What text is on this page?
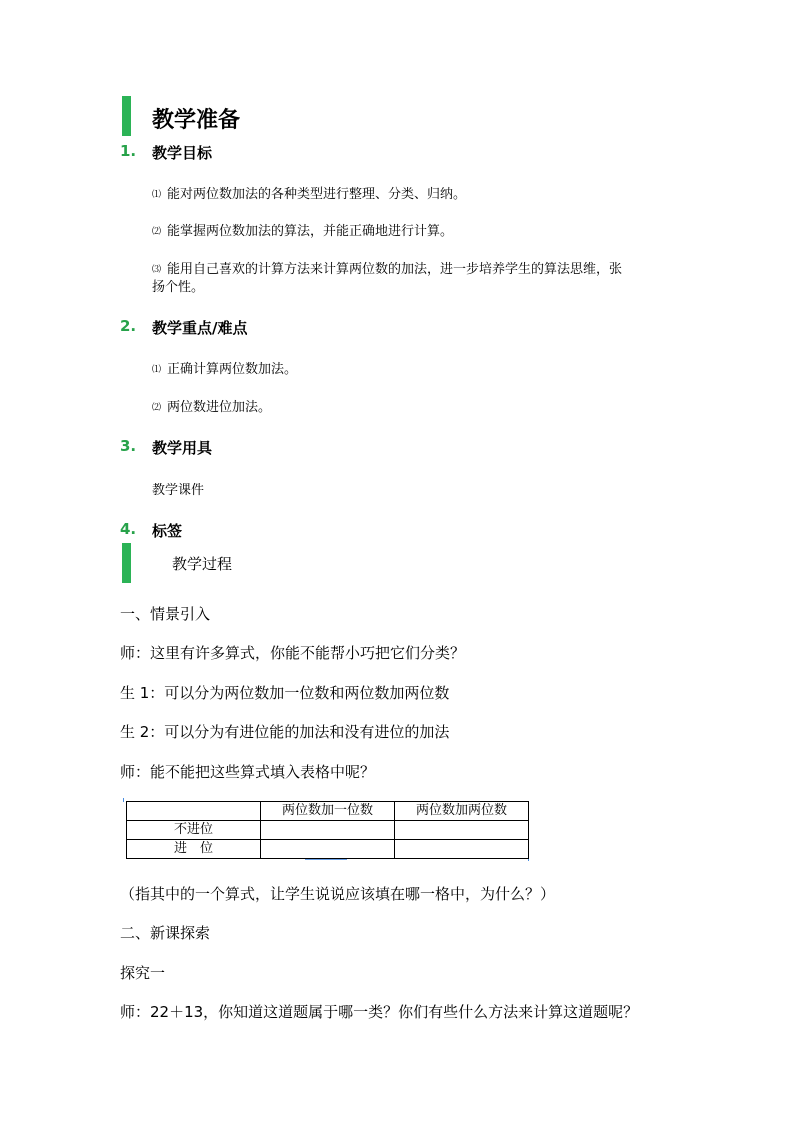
教学准备
1. 教学目标
⑴ 能对两位数加法的各种类型进行整理、分类、归纳。
⑵ 能掌握两位数加法的算法，并能正确地进行计算。
⑶ 能用自己喜欢的计算方法来计算两位数的加法，进一步培养学生的算法思维，张
扬个性。
2. 教学重点/难点
⑴ 正确计算两位数加法。
⑵ 两位数进位加法。
3. 教学用具
教学课件
4. 标签
教学过程
一、情景引入
师：这里有许多算式，你能不能帮小巧把它们分类？
生 1：可以分为两位数加一位数和两位数加两位数
生 2：可以分为有进位能的加法和没有进位的加法
师：能不能把这些算式填入表格中呢？
	两位数加一位数	两位数加两位数
不进位		
进　位		
（指其中的一个算式，让学生说说应该填在哪一格中，为什么？）
二、新课探索
探究一
师：22＋13，你知道这道题属于哪一类？你们有些什么方法来计算这道题呢？
